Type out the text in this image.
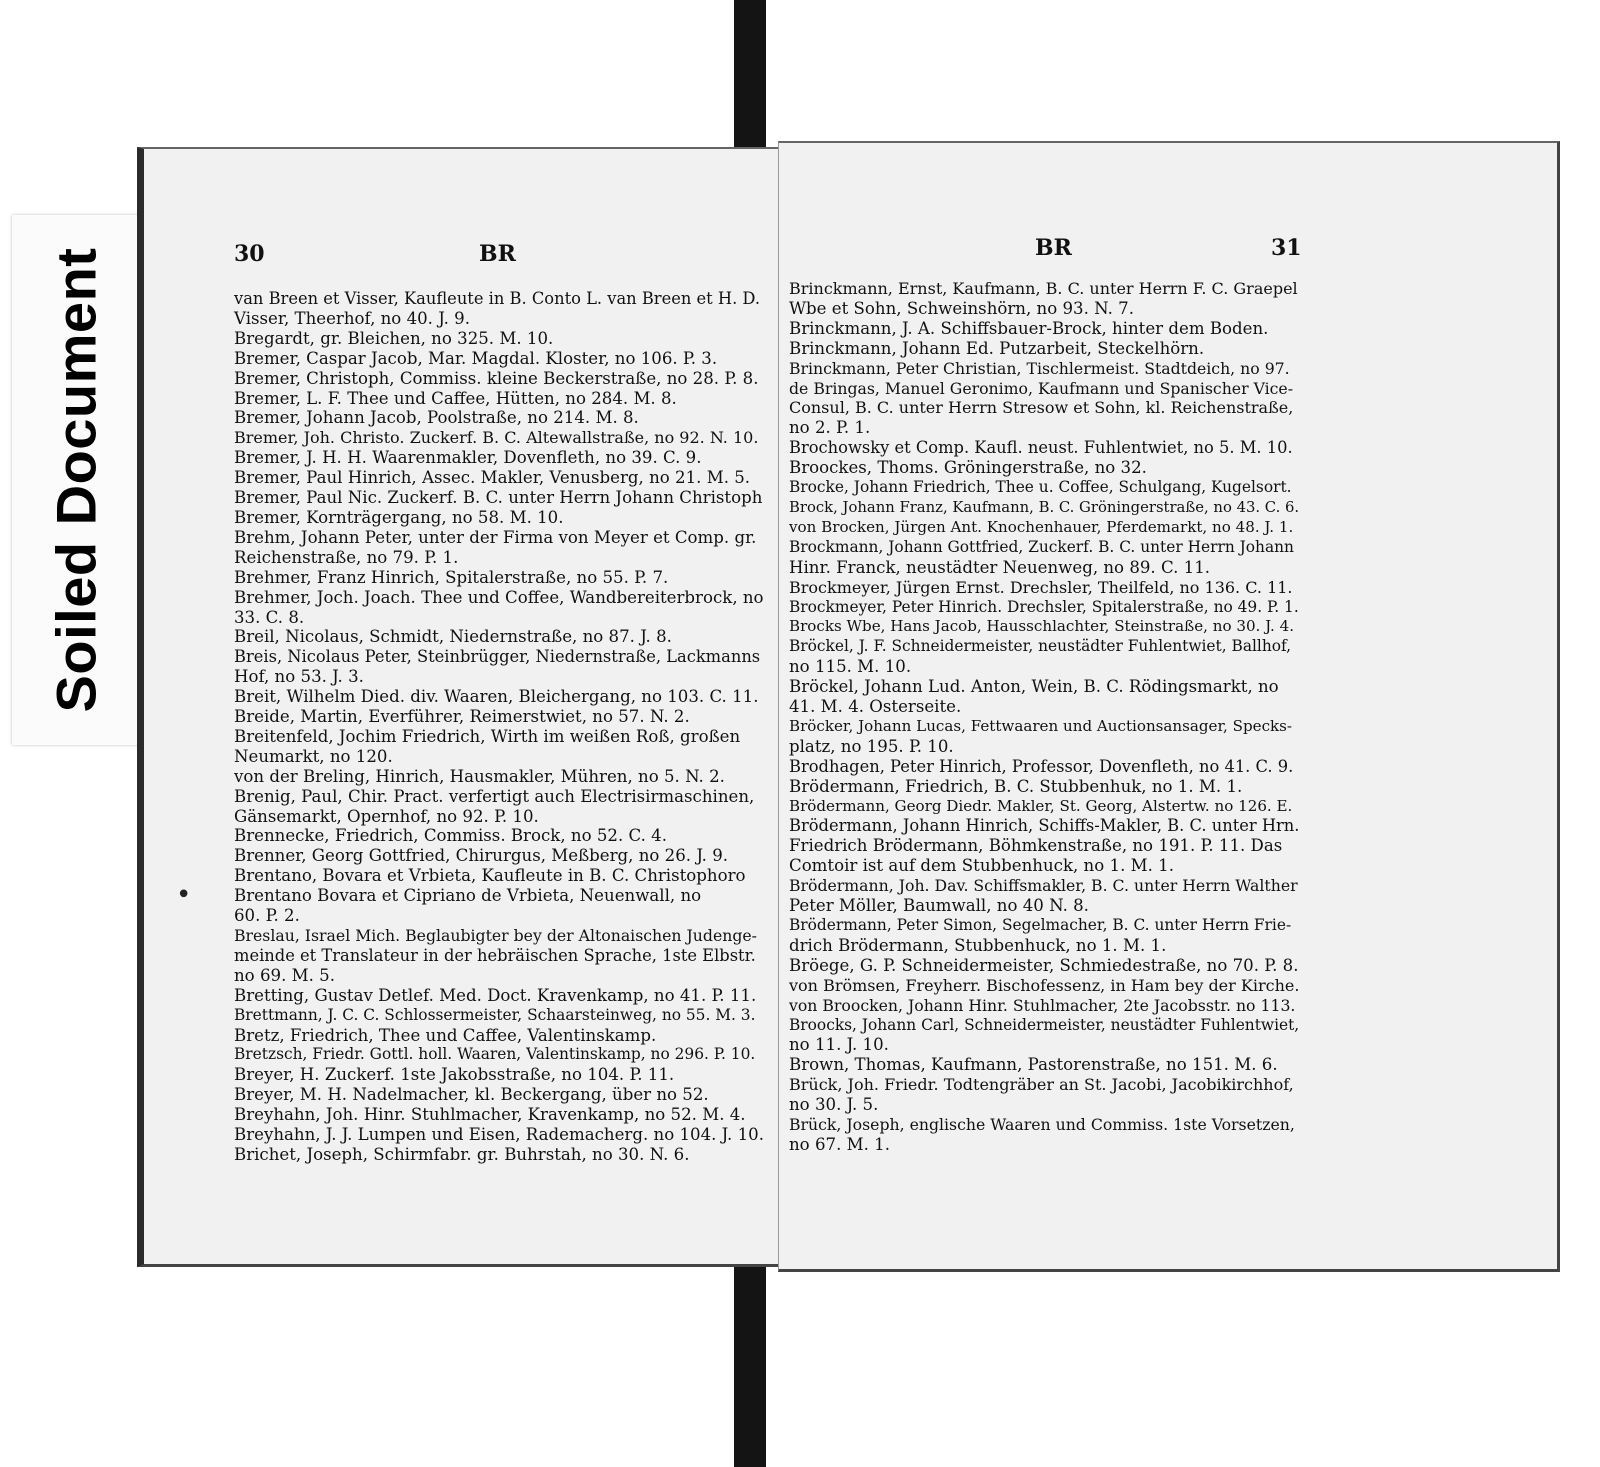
Soiled Document	30	BR
van Breen et Visser, Kaufleute in B. Conto L. van Breen et H. D.
Visser, Theerhof, no 40. J. 9.
Bregardt, gr. Bleichen, no 325. M. 10.
Bremer, Caspar Jacob, Mar. Magdal. Kloster, no 106. P. 3.
Bremer, Christoph, Commiss. kleine Beckerstraße, no 28. P. 8.
Bremer, L. F. Thee und Caffee, Hütten, no 284. M. 8.
Bremer, Johann Jacob, Poolstraße, no 214. M. 8.
Bremer, Joh. Christo. Zuckerf. B. C. Altewallstraße, no 92. N. 10.
Bremer, J. H. H. Waarenmakler, Dovenfleth, no 39. C. 9.
Bremer, Paul Hinrich, Assec. Makler, Venusberg, no 21. M. 5.
Bremer, Paul Nic. Zuckerf. B. C. unter Herrn Johann Christoph
Bremer, Kornträgergang, no 58. M. 10.
Brehm, Johann Peter, unter der Firma von Meyer et Comp. gr.
Reichenstraße, no 79. P. 1.
Brehmer, Franz Hinrich, Spitalerstraße, no 55. P. 7.
Brehmer, Joch. Joach. Thee und Coffee, Wandbereiterbrock, no
33. C. 8.
Breil, Nicolaus, Schmidt, Niedernstraße, no 87. J. 8.
Breis, Nicolaus Peter, Steinbrügger, Niedernstraße, Lackmanns
Hof, no 53. J. 3.
Breit, Wilhelm Died. div. Waaren, Bleichergang, no 103. C. 11.
Breide, Martin, Everführer, Reimerstwiet, no 57. N. 2.
Breitenfeld, Jochim Friedrich, Wirth im weißen Roß, großen
Neumarkt, no 120.
von der Breling, Hinrich, Hausmakler, Mühren, no 5. N. 2.
Brenig, Paul, Chir. Pract. verfertigt auch Electrisirmaschinen,
Gänsemarkt, Opernhof, no 92. P. 10.
Brennecke, Friedrich, Commiss. Brock, no 52. C. 4.
Brenner, Georg Gottfried, Chirurgus, Meßberg, no 26. J. 9.
Brentano, Bovara et Vrbieta, Kaufleute in B. C. Christophoro
Brentano Bovara et Cipriano de Vrbieta, Neuenwall, no
60. P. 2.
Breslau, Israel Mich. Beglaubigter bey der Altonaischen Judenge-
meinde et Translateur in der hebräischen Sprache, 1ste Elbstr.
no 69. M. 5.
Bretting, Gustav Detlef. Med. Doct. Kravenkamp, no 41. P. 11.
Brettmann, J. C. C. Schlossermeister, Schaarsteinweg, no 55. M. 3.
Bretz, Friedrich, Thee und Caffee, Valentinskamp.
Bretzsch, Friedr. Gottl. holl. Waaren, Valentinskamp, no 296. P. 10.
Breyer, H. Zuckerf. 1ste Jakobsstraße, no 104. P. 11.
Breyer, M. H. Nadelmacher, kl. Beckergang, über no 52.
Breyhahn, Joh. Hinr. Stuhlmacher, Kravenkamp, no 52. M. 4.
Breyhahn, J. J. Lumpen und Eisen, Rademacherg. no 104. J. 10.
Brichet, Joseph, Schirmfabr. gr. Buhrstah, no 30. N. 6.
BR	31
Brinckmann, Ernst, Kaufmann, B. C. unter Herrn F. C. Graepel
Wbe et Sohn, Schweinshörn, no 93. N. 7.
Brinckmann, J. A. Schiffsbauer-Brock, hinter dem Boden.
Brinckmann, Johann Ed. Putzarbeit, Steckelhörn.
Brinckmann, Peter Christian, Tischlermeist. Stadtdeich, no 97.
de Bringas, Manuel Geronimo, Kaufmann und Spanischer Vice-
Consul, B. C. unter Herrn Stresow et Sohn, kl. Reichenstraße,
no 2. P. 1.
Brochowsky et Comp. Kaufl. neust. Fuhlentwiet, no 5. M. 10.
Broockes, Thoms. Gröningerstraße, no 32.
Brocke, Johann Friedrich, Thee u. Coffee, Schulgang, Kugelsort.
Brock, Johann Franz, Kaufmann, B. C. Gröningerstraße, no 43. C. 6.
von Brocken, Jürgen Ant. Knochenhauer, Pferdemarkt, no 48. J. 1.
Brockmann, Johann Gottfried, Zuckerf. B. C. unter Herrn Johann
Hinr. Franck, neustädter Neuenweg, no 89. C. 11.
Brockmeyer, Jürgen Ernst. Drechsler, Theilfeld, no 136. C. 11.
Brockmeyer, Peter Hinrich. Drechsler, Spitalerstraße, no 49. P. 1.
Brocks Wbe, Hans Jacob, Hausschlachter, Steinstraße, no 30. J. 4.
Bröckel, J. F. Schneidermeister, neustädter Fuhlentwiet, Ballhof,
no 115. M. 10.
Bröckel, Johann Lud. Anton, Wein, B. C. Rödingsmarkt, no
41. M. 4. Osterseite.
Bröcker, Johann Lucas, Fettwaaren und Auctionsansager, Specks-
platz, no 195. P. 10.
Brodhagen, Peter Hinrich, Professor, Dovenfleth, no 41. C. 9.
Brödermann, Friedrich, B. C. Stubbenhuk, no 1. M. 1.
Brödermann, Georg Diedr. Makler, St. Georg, Alstertw. no 126. E.
Brödermann, Johann Hinrich, Schiffs-Makler, B. C. unter Hrn.
Friedrich Brödermann, Böhmkenstraße, no 191. P. 11. Das
Comtoir ist auf dem Stubbenhuck, no 1. M. 1.
Brödermann, Joh. Dav. Schiffsmakler, B. C. unter Herrn Walther
Peter Möller, Baumwall, no 40 N. 8.
Brödermann, Peter Simon, Segelmacher, B. C. unter Herrn Frie-
drich Brödermann, Stubbenhuck, no 1. M. 1.
Bröege, G. P. Schneidermeister, Schmiedestraße, no 70. P. 8.
von Brömsen, Freyherr. Bischofessenz, in Ham bey der Kirche.
von Broocken, Johann Hinr. Stuhlmacher, 2te Jacobsstr. no 113.
Broocks, Johann Carl, Schneidermeister, neustädter Fuhlentwiet,
no 11. J. 10.
Brown, Thomas, Kaufmann, Pastorenstraße, no 151. M. 6.
Brück, Joh. Friedr. Todtengräber an St. Jacobi, Jacobikirchhof,
no 30. J. 5.
Brück, Joseph, englische Waaren und Commiss. 1ste Vorsetzen,
no 67. M. 1.
•
